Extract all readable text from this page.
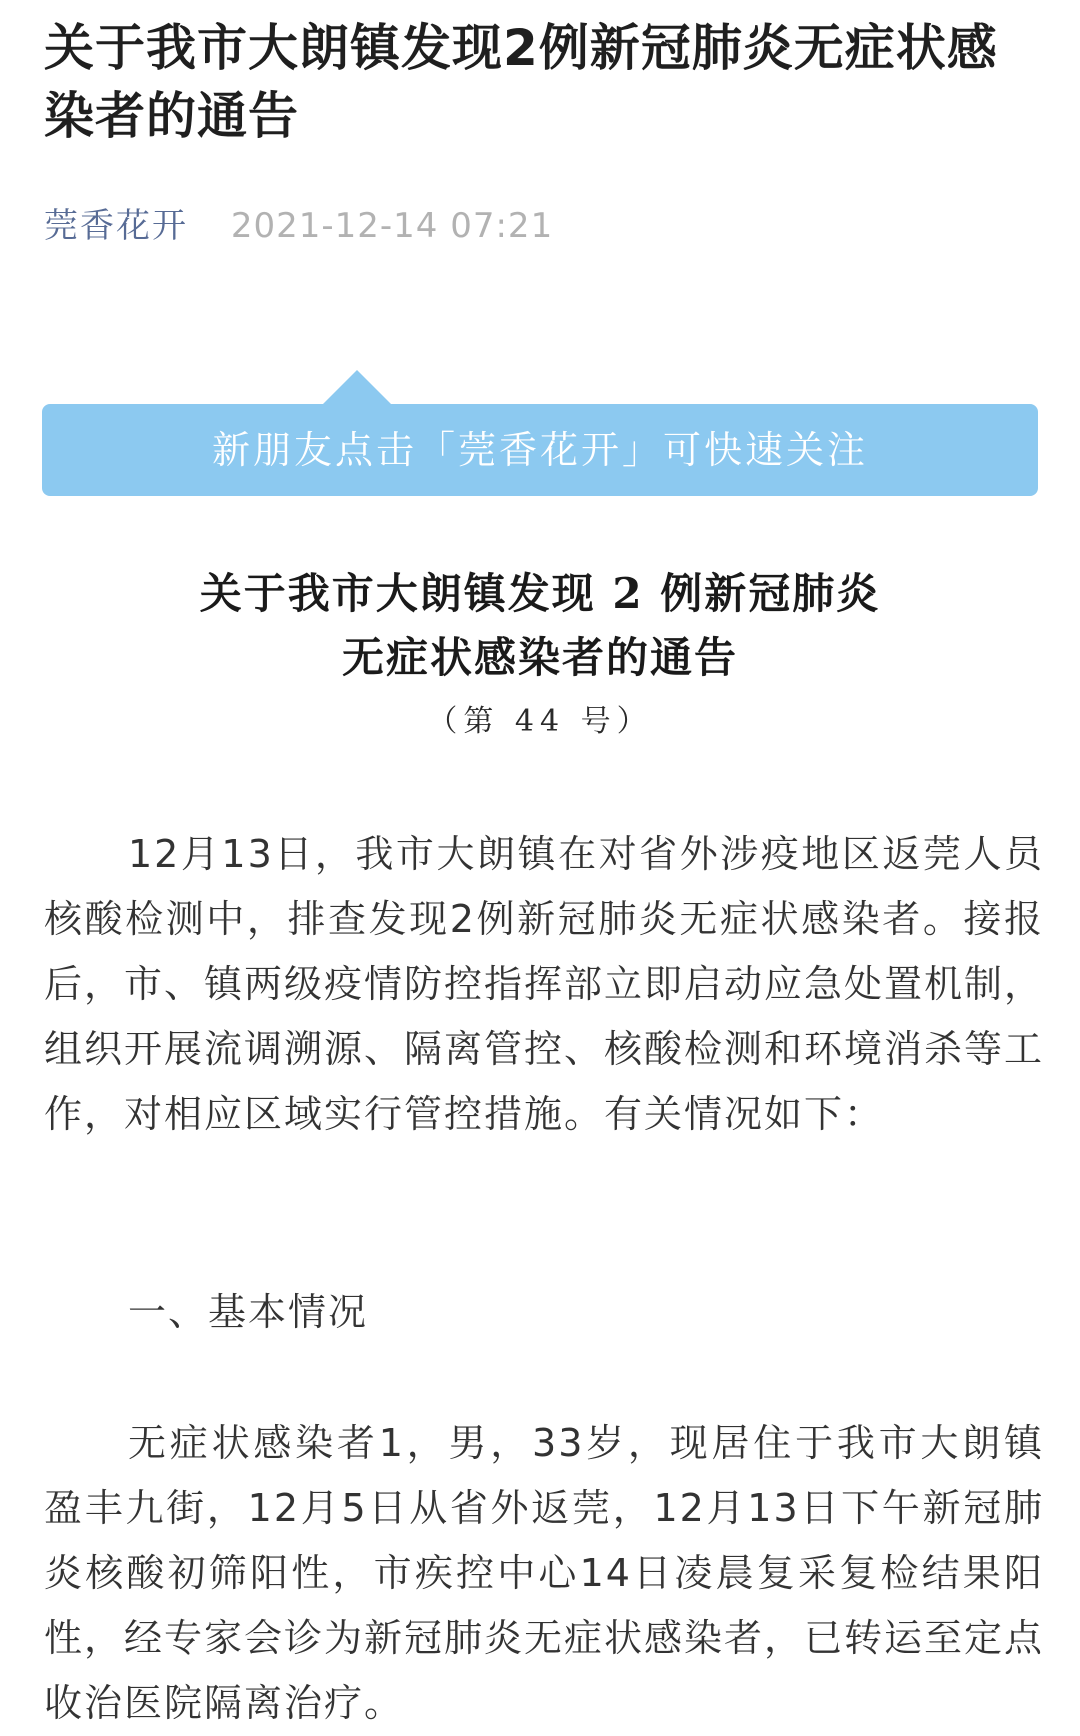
关于我市大朗镇发现2例新冠肺炎无症状感染者的通告
莞香花开 2021-12-14 07:21
新朋友点击「莞香花开」可快速关注
关于我市大朗镇发现 2 例新冠肺炎
无症状感染者的通告
（第 44 号）

12月13日，我市大朗镇在对省外涉疫地区返莞人员核酸检测中，排查发现2例新冠肺炎无症状感染者。接报后，市、镇两级疫情防控指挥部立即启动应急处置机制，组织开展流调溯源、隔离管控、核酸检测和环境消杀等工作，对相应区域实行管控措施。有关情况如下：

一、基本情况

无症状感染者1，男，33岁，现居住于我市大朗镇盈丰九街，12月5日从省外返莞，12月13日下午新冠肺炎核酸初筛阳性，市疾控中心14日凌晨复采复检结果阳性，经专家会诊为新冠肺炎无症状感染者，已转运至定点收治医院隔离治疗。
